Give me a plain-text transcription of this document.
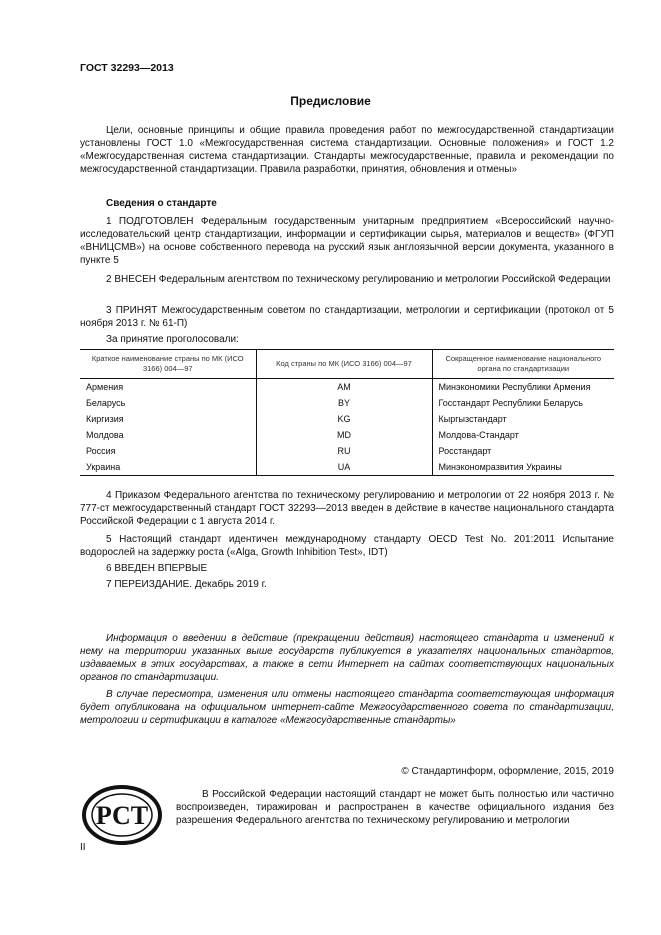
ГОСТ 32293—2013
Предисловие
Цели, основные принципы и общие правила проведения работ по межгосударственной стандартизации установлены ГОСТ 1.0 «Межгосударственная система стандартизации. Основные положения» и ГОСТ 1.2 «Межгосударственная система стандартизации. Стандарты межгосударственные, правила и рекомендации по межгосударственной стандартизации. Правила разработки, принятия, обновления и отмены»
Сведения о стандарте
1 ПОДГОТОВЛЕН Федеральным государственным унитарным предприятием «Всероссийский научно-исследовательский центр стандартизации, информации и сертификации сырья, материалов и веществ» (ФГУП «ВНИЦСМВ») на основе собственного перевода на русский язык англоязычной версии документа, указанного в пункте 5
2 ВНЕСЕН Федеральным агентством по техническому регулированию и метрологии Российской Федерации
3 ПРИНЯТ Межгосударственным советом по стандартизации, метрологии и сертификации (протокол от 5 ноября 2013 г. № 61-П)
За принятие проголосовали:
Краткое наименование страны по МК (ИСО 3166) 004—97	Код страны по МК (ИСО 3166) 004—97	Сокращенное наименование национального органа по стандартизации
Армения	AM	Минэкономики Республики Армения
Беларусь	BY	Госстандарт Республики Беларусь
Киргизия	KG	Кыргызстандарт
Молдова	MD	Молдова-Стандарт
Россия	RU	Росстандарт
Украина	UA	Минэкономразвития Украины
4 Приказом Федерального агентства по техническому регулированию и метрологии от 22 ноября 2013 г. № 777-ст межгосударственный стандарт ГОСТ 32293—2013 введен в действие в качестве национального стандарта Российской Федерации с 1 августа 2014 г.
5 Настоящий стандарт идентичен международному стандарту OECD Test No. 201:2011 Испытание водорослей на задержку роста («Alga, Growth Inhibition Test», IDT)
6 ВВЕДЕН ВПЕРВЫЕ
7 ПЕРЕИЗДАНИЕ. Декабрь 2019 г.
Информация о введении в действие (прекращении действия) настоящего стандарта и изменений к нему на территории указанных выше государств публикуется в указателях национальных стандартов, издаваемых в этих государствах, а также в сети Интернет на сайтах соответствующих национальных органов по стандартизации.
В случае пересмотра, изменения или отмены настоящего стандарта соответствующая информация будет опубликована на официальном интернет-сайте Межгосударственного совета по стандартизации, метрологии и сертификации в каталоге «Межгосударственные стандарты»
© Стандартинформ, оформление, 2015, 2019
РСТ
В Российской Федерации настоящий стандарт не может быть полностью или частично воспроизведен, тиражирован и распространен в качестве официального издания без разрешения Федерального агентства по техническому регулированию и метрологии
II
